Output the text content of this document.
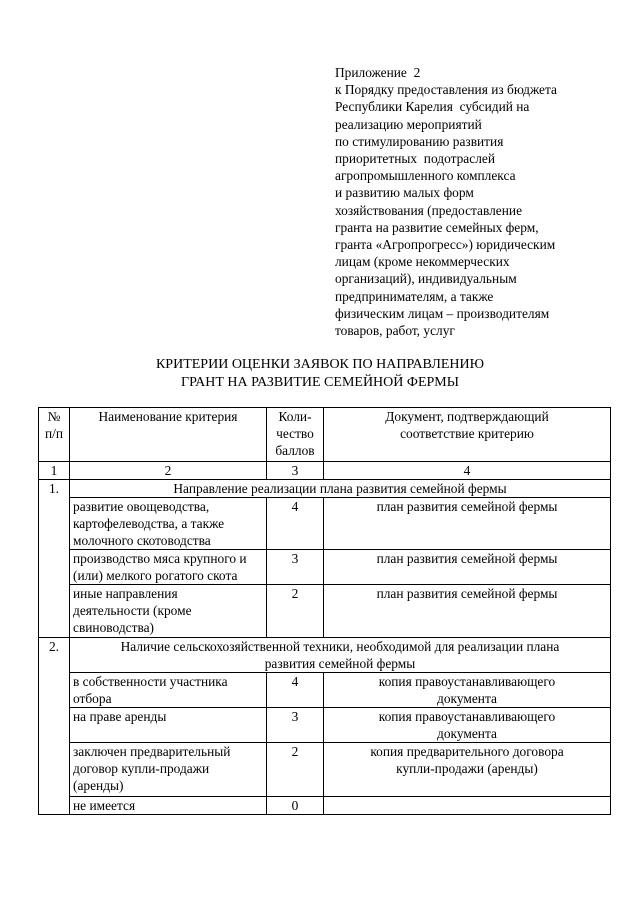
Приложение  2
к Порядку предоставления из бюджета
Республики Карелия  субсидий на
реализацию мероприятий
по стимулированию развития
приоритетных  подотраслей
агропромышленного комплекса
и развитию малых форм
хозяйствования (предоставление
гранта на развитие семейных ферм,
гранта «Агропрогресс») юридическим
лицам (кроме некоммерческих
организаций), индивидуальным
предпринимателям, а также
физическим лицам – производителям
товаров, работ, услуг
КРИТЕРИИ ОЦЕНКИ ЗАЯВОК ПО НАПРАВЛЕНИЮ
ГРАНТ НА РАЗВИТИЕ СЕМЕЙНОЙ ФЕРМЫ
№
п/п	Наименование критерия	Коли-
чество
баллов	Документ, подтверждающий
соответствие критерию
1	2	3	4
1.	Направление реализации плана развития семейной фермы		
	развитие овощеводства,
картофелеводства, а также
молочного скотоводства	4	план развития семейной фермы
	производство мяса крупного и
(или) мелкого рогатого скота	3	план развития семейной фермы
	иные направления
деятельности (кроме
свиноводства)	2	план развития семейной фермы
2.	Наличие сельскохозяйственной техники, необходимой для реализации плана
развития семейной фермы		
	в собственности участника
отбора	4	копия правоустанавливающего
документа
	на праве аренды	3	копия правоустанавливающего
документа
	заключен предварительный
договор купли-продажи
(аренды)	2	копия предварительного договора
купли-продажи (аренды)
	не имеется	0	
